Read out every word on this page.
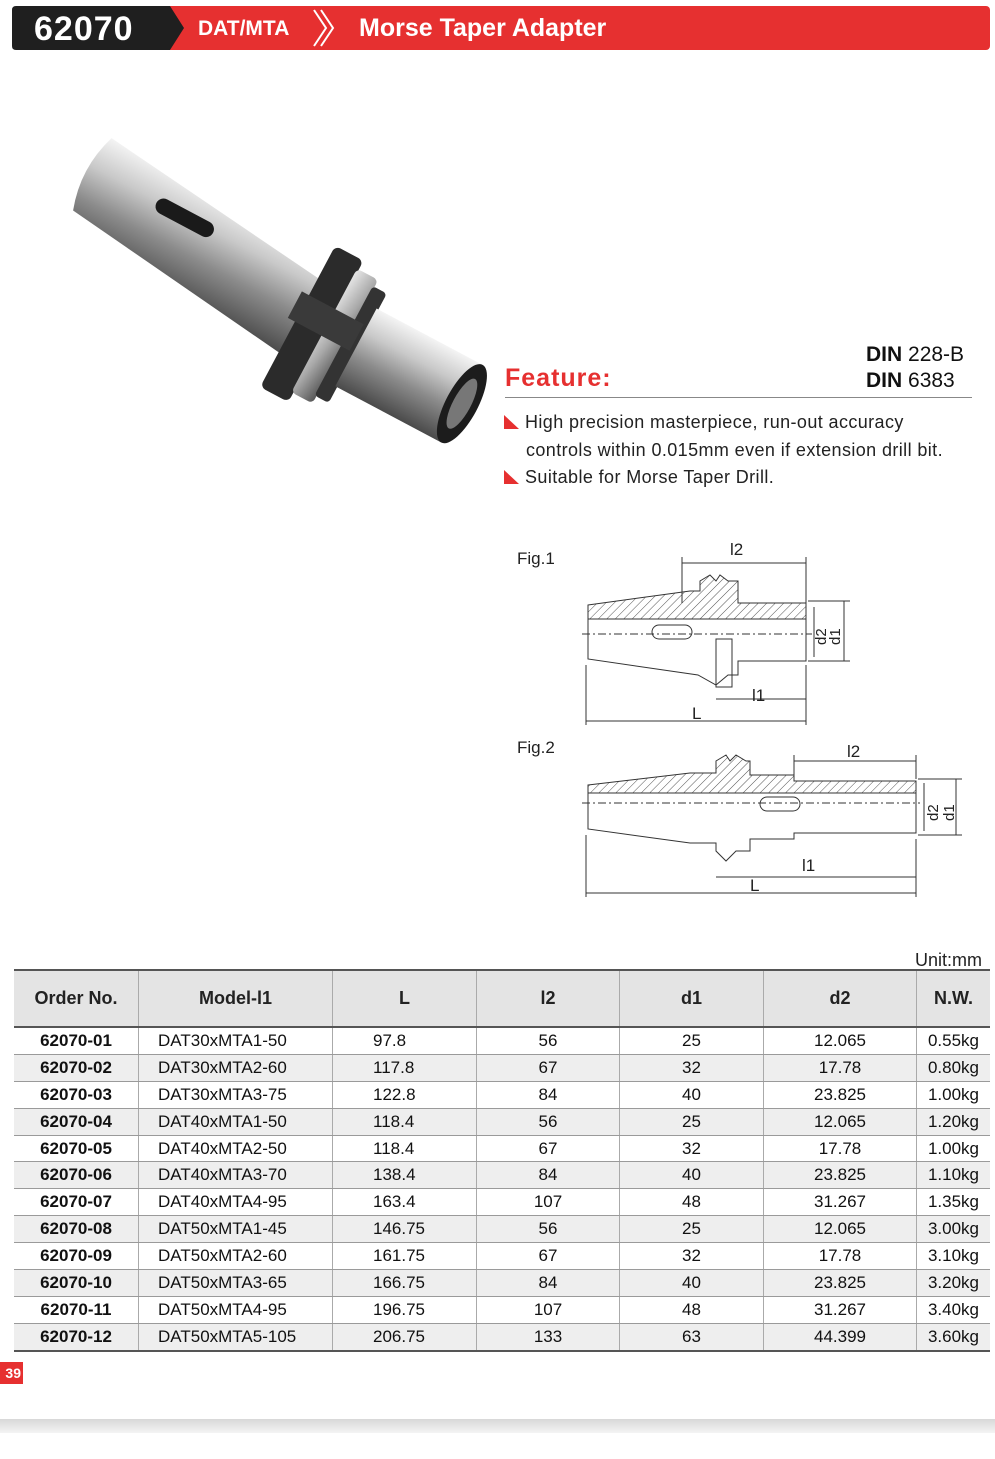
62070	DAT/MTA	Morse Taper Adapter
DIN 228-B
DIN 6383
Feature:
High precision masterpiece, run-out accuracy
controls within 0.015mm even if extension drill bit.
Suitable for Morse Taper Drill.
Fig.1	l2
l1
L
d2
d1
Fig.2	l2
l1
L
d2 d1
Unit:mm
Order No.	Model-l1	L	l2	d1	d2	N.W.
62070-01	DAT30xMTA1-50	97.8	56	25	12.065	0.55kg
62070-02	DAT30xMTA2-60	117.8	67	32	17.78	0.80kg
62070-03	DAT30xMTA3-75	122.8	84	40	23.825	1.00kg
62070-04	DAT40xMTA1-50	118.4	56	25	12.065	1.20kg
62070-05	DAT40xMTA2-50	118.4	67	32	17.78	1.00kg
62070-06	DAT40xMTA3-70	138.4	84	40	23.825	1.10kg
62070-07	DAT40xMTA4-95	163.4	107	48	31.267	1.35kg
62070-08	DAT50xMTA1-45	146.75	56	25	12.065	3.00kg
62070-09	DAT50xMTA2-60	161.75	67	32	17.78	3.10kg
62070-10	DAT50xMTA3-65	166.75	84	40	23.825	3.20kg
62070-11	DAT50xMTA4-95	196.75	107	48	31.267	3.40kg
62070-12	DAT50xMTA5-105	206.75	133	63	44.399	3.60kg
39
